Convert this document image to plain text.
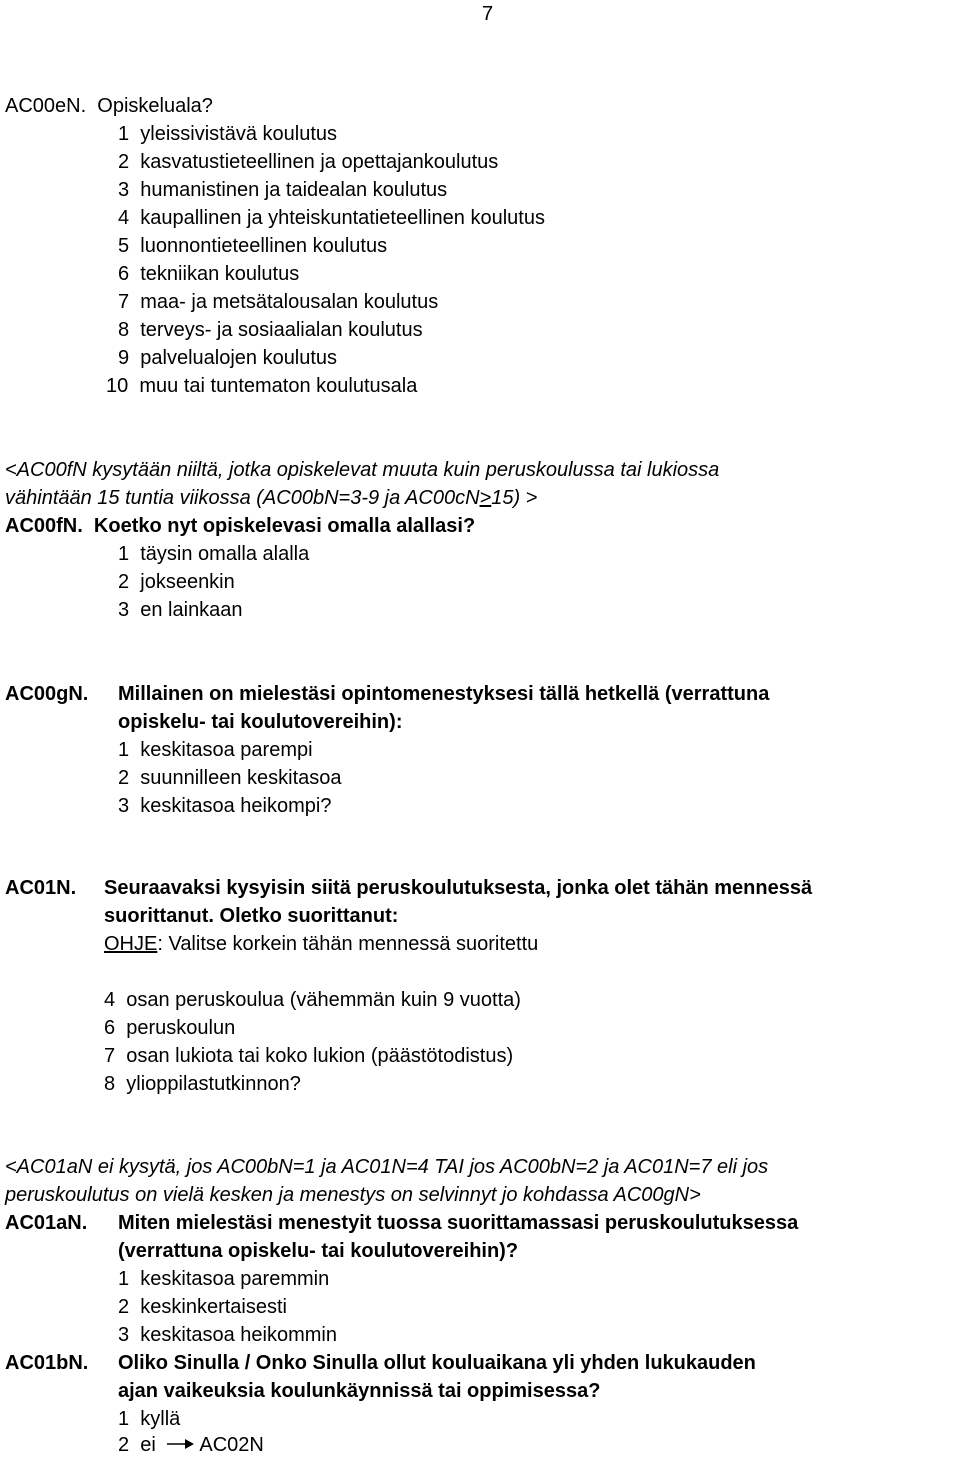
7
AC00eN. Opiskeluala?
1 yleissivistävä koulutus
2 kasvatustieteellinen ja opettajankoulutus
3 humanistinen ja taidealan koulutus
4 kaupallinen ja yhteiskuntatieteellinen koulutus
5 luonnontieteellinen koulutus
6 tekniikan koulutus
7 maa- ja metsätalousalan koulutus
8 terveys- ja sosiaalialan koulutus
9 palvelualojen koulutus
10 muu tai tuntematon koulutusala
<AC00fN kysytään niiltä, jotka opiskelevat muuta kuin peruskoulussa tai lukiossa
vähintään 15 tuntia viikossa (AC00bN=3-9 ja AC00cN>15) >
AC00fN. Koetko nyt opiskelevasi omalla alallasi?
1 täysin omalla alalla
2 jokseenkin
3 en lainkaan
AC00gN. Millainen on mielestäsi opintomenestyksesi tällä hetkellä (verrattuna
opiskelu- tai koulutovereihin):
1 keskitasoa parempi
2 suunnilleen keskitasoa
3 keskitasoa heikompi?
AC01N. Seuraavaksi kysyisin siitä peruskoulutuksesta, jonka olet tähän mennessä
suorittanut. Oletko suorittanut:
OHJE: Valitse korkein tähän mennessä suoritettu
4 osan peruskoulua (vähemmän kuin 9 vuotta)
6 peruskoulun
7 osan lukiota tai koko lukion (päästötodistus)
8 ylioppilastutkinnon?
<AC01aN ei kysytä, jos AC00bN=1 ja AC01N=4 TAI jos AC00bN=2 ja AC01N=7 eli jos
peruskoulutus on vielä kesken ja menestys on selvinnyt jo kohdassa AC00gN>
AC01aN. Miten mielestäsi menestyit tuossa suorittamassasi peruskoulutuksessa
(verrattuna opiskelu- tai koulutovereihin)?
1 keskitasoa paremmin
2 keskinkertaisesti
3 keskitasoa heikommin
AC01bN. Oliko Sinulla / Onko Sinulla ollut kouluaikana yli yhden lukukauden
ajan vaikeuksia koulunkäynnissä tai oppimisessa?
1 kyllä
2 ei AC02N
